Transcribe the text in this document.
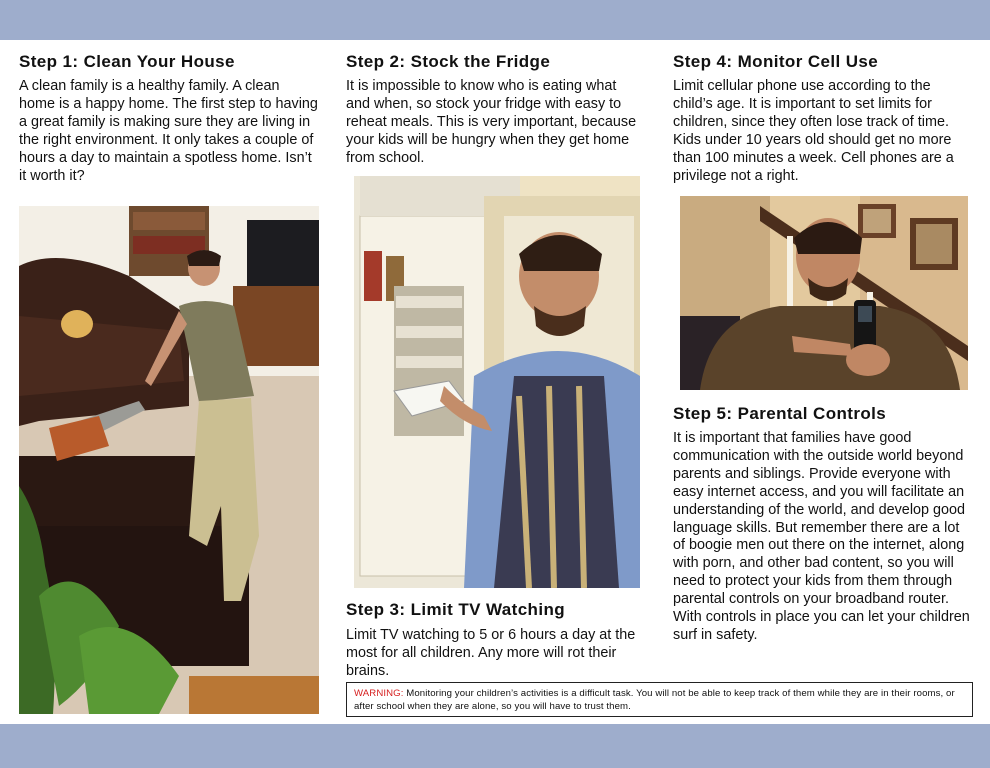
Step 1: Clean Your House
A clean family is a healthy family. A clean home is a happy home. The first step to having a great family is making sure they are living in the right environment. It only takes a couple of hours a day to maintain a spotless home. Isn’t it worth it?
Step 2: Stock the Fridge
It is impossible to know who is eating what and when, so stock your fridge with easy to reheat meals. This is very important, because your kids will be hungry when they get home from school.
Step 3: Limit TV Watching
Limit TV watching to 5 or 6 hours a day at the most for all children. Any more will rot their brains.
Step 4: Monitor Cell Use
Limit cellular phone use according to the child’s age. It is important to set limits for children, since they often lose track of time. Kids under 10 years old should get no more than 100 minutes a week. Cell phones are a privilege not a right.
Step 5: Parental Controls
It is important that families have good communication with the outside world beyond parents and siblings. Provide everyone with easy internet access, and you will facilitate an understanding of the world, and develop good language skills. But remember there are a lot of boogie men out there on the internet, along with porn, and other bad content, so you will need to protect your kids from them through parental controls on your broadband router. With controls in place you can let your children surf in safety.
WARNING: Monitoring your children’s activities is a difficult task. You will not be able to keep track of them while they are in their rooms, or after school when they are alone, so you will have to trust them.
